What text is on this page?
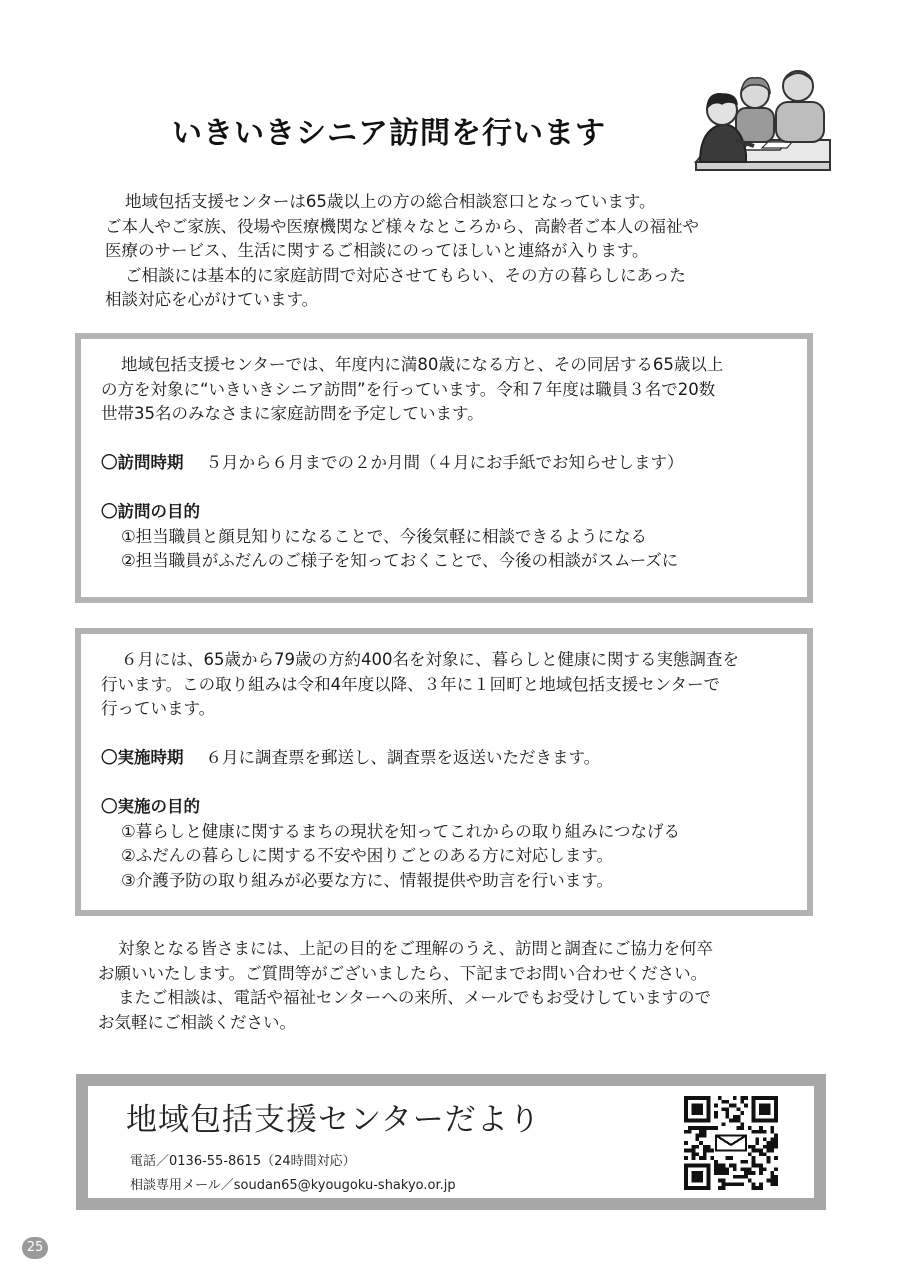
いきいきシニア訪問を行います

地域包括支援センターは65歳以上の方の総合相談窓口となっています。

ご本人やご家族、役場や医療機関など様々なところから、高齢者ご本人の福祉や

医療のサービス、生活に関するご相談にのってほしいと連絡が入ります。

ご相談には基本的に家庭訪問で対応させてもらい、その方の暮らしにあった

相談対応を心がけています。

地域包括支援センターでは、年度内に満80歳になる方と、その同居する65歳以上

の方を対象に“いきいきシニア訪問”を行っています。令和７年度は職員３名で20数

世帯35名のみなさまに家庭訪問を予定しています。

〇訪問時期 ５月から６月までの２か月間（４月にお手紙でお知らせします）

〇訪問の目的

①担当職員と顔見知りになることで、今後気軽に相談できるようになる

②担当職員がふだんのご様子を知っておくことで、今後の相談がスムーズに

６月には、65歳から79歳の方約400名を対象に、暮らしと健康に関する実態調査を

行います。この取り組みは令和4年度以降、３年に１回町と地域包括支援センターで

行っています。

〇実施時期 ６月に調査票を郵送し、調査票を返送いただきます。

〇実施の目的

①暮らしと健康に関するまちの現状を知ってこれからの取り組みにつなげる

②ふだんの暮らしに関する不安や困りごとのある方に対応します。

③介護予防の取り組みが必要な方に、情報提供や助言を行います。

対象となる皆さまには、上記の目的をご理解のうえ、訪問と調査にご協力を何卒

お願いいたします。ご質問等がございましたら、下記までお問い合わせください。

またご相談は、電話や福祉センターへの来所、メールでもお受けしていますので

お気軽にご相談ください。

地域包括支援センターだより
電話／0136-55-8615（24時間対応）
相談専用メール／soudan65@kyougoku-shakyo.or.jp
25
